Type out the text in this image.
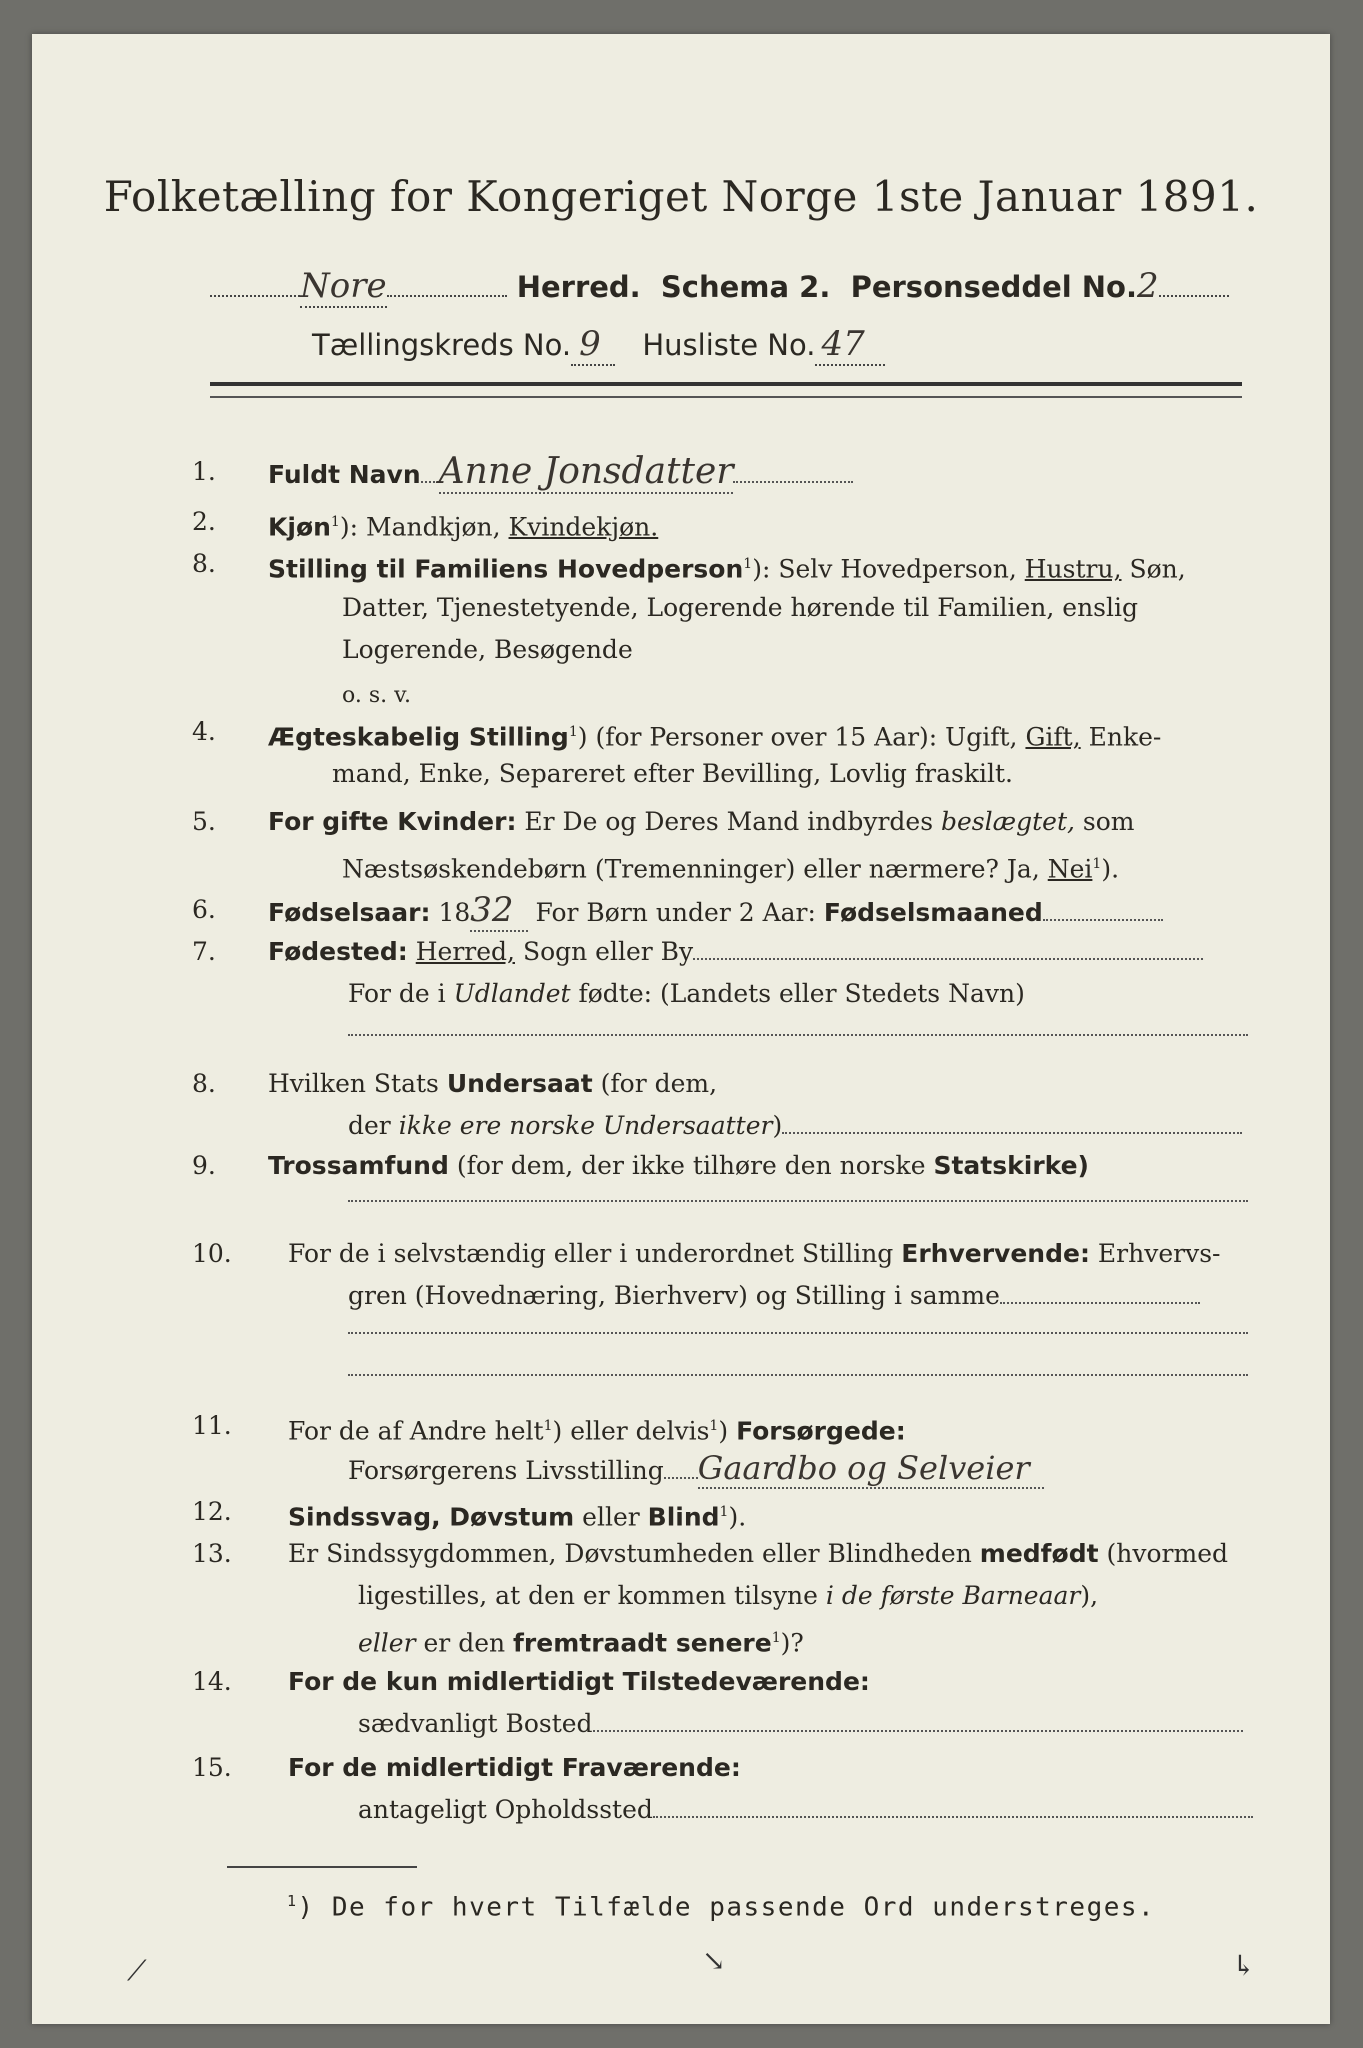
Folketælling for Kongeriget Norge 1ste Januar 1891.
Nore	Herred. Schema 2. Personseddel No.2
Tællingskreds No. 9 Husliste No. 47
1.	Fuldt Navn Anne Jonsdatter
2.	Kjøn$^1$): Mandkjøn, Kvindekjøn.
8.	Stilling til Familiens Hovedperson$^1$): Selv Hovedperson, Hustru, Søn,
Datter, Tjenestetyende, Logerende hørende til Familien, enslig
Logerende, Besøgende
o. s. v.
4.	Ægteskabelig Stilling$^1$) (for Personer over 15 Aar): Ugift, Gift, Enke-
mand, Enke, Separeret efter Bevilling, Lovlig fraskilt.
5.	For gifte Kvinder: Er De og Deres Mand indbyrdes beslægtet, som
Næstsøskendebørn (Tremenninger) eller nærmere? Ja, Nei$^1$).
6.	Fødselsaar: 1832 For Børn under 2 Aar: Fødselsmaaned
7.	Fødested: Herred, Sogn eller By
For de i Udlandet fødte: (Landets eller Stedets Navn)
8.	Hvilken Stats Undersaat (for dem,
der ikke ere norske Undersaatter)
9.	Trossamfund (for dem, der ikke tilhøre den norske Statskirke)
10.	For de i selvstændig eller i underordnet Stilling Erhvervende: Erhvervs-
gren (Hovednæring, Bierhverv) og Stilling i samme
11.	For de af Andre helt$^1$) eller delvis$^1$) Forsørgede:
Forsørgerens Livsstilling Gaardbo og Selveier
12.	Sindssvag, Døvstum eller Blind$^1$).
13.	Er Sindssygdommen, Døvstumheden eller Blindheden medfødt (hvormed
ligestilles, at den er kommen tilsyne i de første Barneaar),
eller er den fremtraadt senere$^1$)?
14.	For de kun midlertidigt Tilstedeværende:
sædvanligt Bosted
15.	For de midlertidigt Fraværende:
antageligt Opholdssted
$^1$) De for hvert Tilfælde passende Ord understreges.
⟋	↘	↳
